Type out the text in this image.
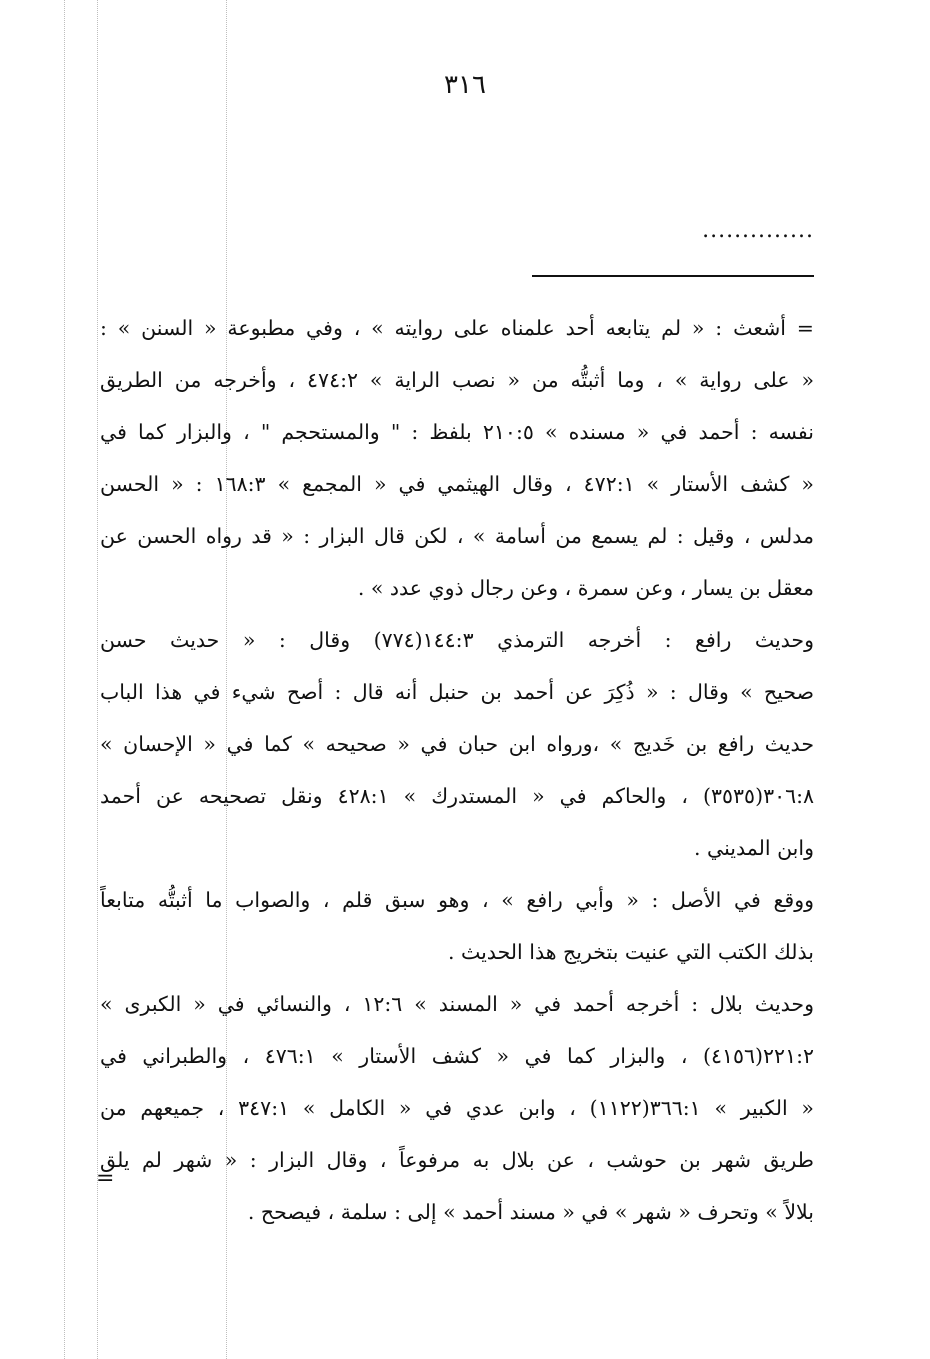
٣١٦
..............
= أشعث : « لم يتابعه أحد علمناه على روايته » ، وفي مطبوعة « السنن » :
« على رواية » ، وما أثبتُّه من « نصب الراية » ٤٧٤:٢ ، وأخرجه من الطريق
نفسه : أحمد في « مسنده » ٢١٠:٥ بلفظ : " والمستحجم " ، والبزار كما في
« كشف الأستار » ٤٧٢:١ ، وقال الهيثمي في « المجمع » ١٦٨:٣ : « الحسن
مدلس ، وقيل : لم يسمع من أسامة » ، لكن قال البزار : « قد رواه الحسن عن
معقل بن يسار ، وعن سمرة ، وعن رجال ذوي عدد » .
وحديث رافع : أخرجه الترمذي ١٤٤:٣(٧٧٤) وقال : « حديث حسن
صحيح » وقال : « ذُكِرَ عن أحمد بن حنبل أنه قال : أصح شيء في هذا الباب
حديث رافع بن خَديج » ،ورواه ابن حبان في « صحيحه » كما في « الإحسان »
٣٠٦:٨(٣٥٣٥) ، والحاكم في « المستدرك » ٤٢٨:١ ونقل تصحيحه عن أحمد
وابن المديني .
ووقع في الأصل : « وأبي رافع » ، وهو سبق قلم ، والصواب ما أثبتُّه متابعاً
بذلك الكتب التي عنيت بتخريج هذا الحديث .
وحديث بلال : أخرجه أحمد في « المسند » ١٢:٦ ، والنسائي في « الكبرى »
٢٢١:٢(٤١٥٦) ، والبزار كما في « كشف الأستار » ٤٧٦:١ ، والطبراني في
« الكبير » ٣٦٦:١(١١٢٢) ، وابن عدي في « الكامل » ٣٤٧:١ ، جميعهم من
طريق شهر بن حوشب ، عن بلال به مرفوعاً ، وقال البزار : « شهر لم يلق
بلالاً » وتحرف « شهر » في « مسند أحمد » إلى : سلمة ، فيصحح .
=
